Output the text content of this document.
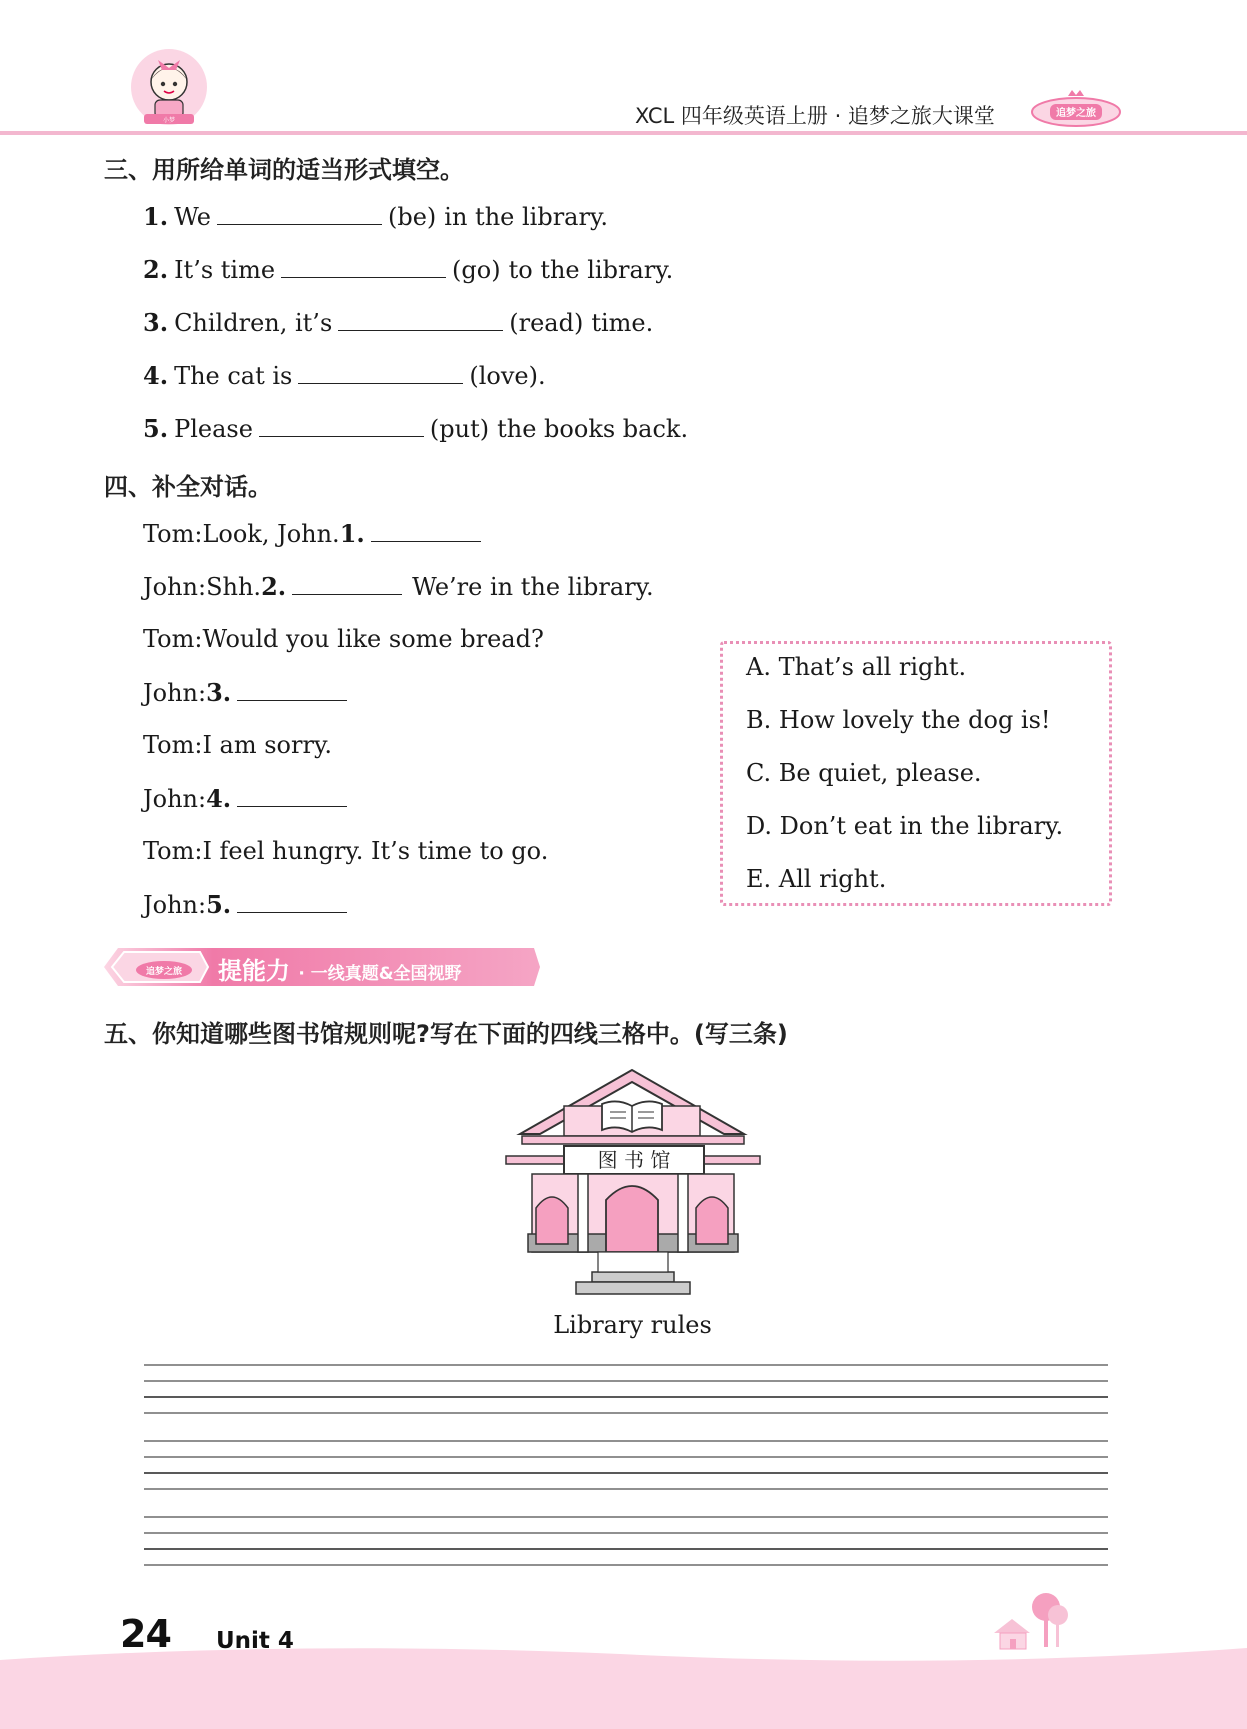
小梦	XCL 四年级英语上册 · 追梦之旅大课堂	追梦之旅
三、用所给单词的适当形式填空。
1. We	(be) in the library.
2. It’s time	(go) to the library.
3. Children, it’s	(read) time.
4. The cat is	(love).
5. Please	(put) the books back.
四、补全对话。
Tom: Look, John. 1.
John: Shh. 2.	We’re in the library.
Tom: Would you like some bread?
John: 3.
Tom: I am sorry.
John: 4.
Tom: I feel hungry. It’s time to go.
John: 5.
A. That’s all right.
B. How lovely the dog is!
C. Be quiet, please.
D. Don’t eat in the library.
E. All right.
追梦之旅 提能力 · 一线真题&全国视野
五、你知道哪些图书馆规则呢?写在下面的四线三格中。(写三条)
图 书 馆
Library rules
24 Unit 4
